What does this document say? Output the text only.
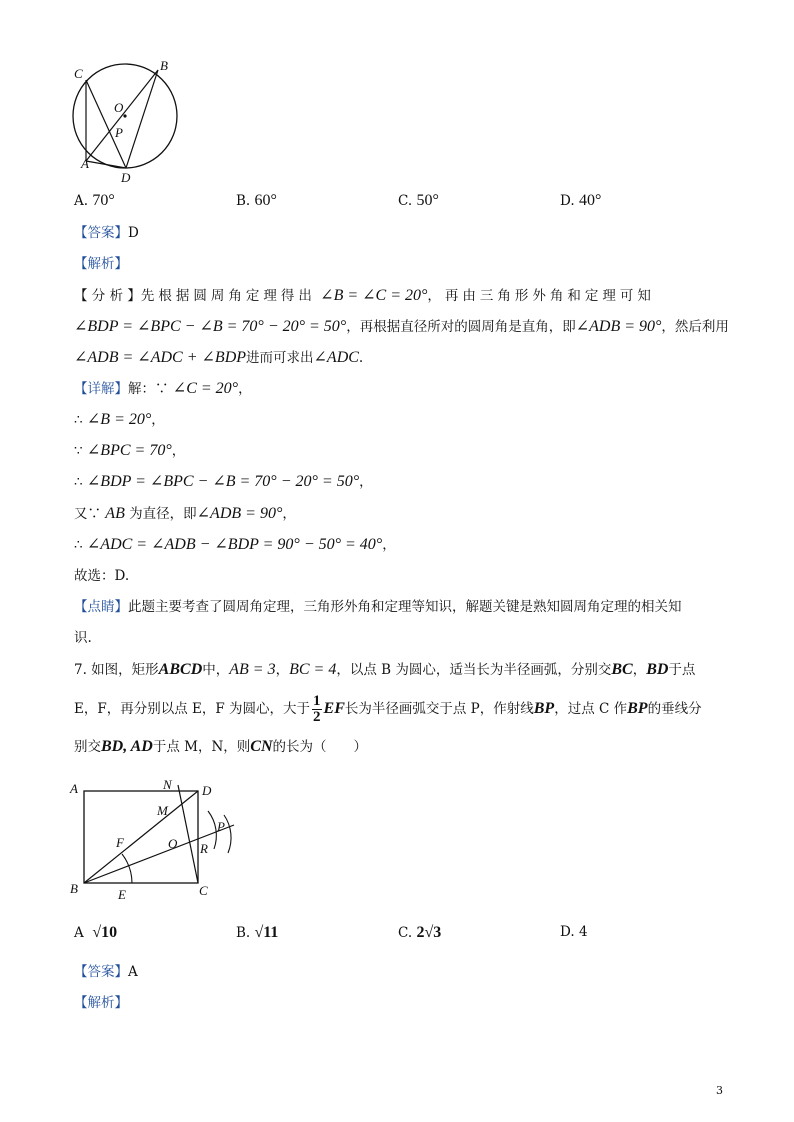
C
B
O
P
A
D
A. 70°	B. 60°	C. 50°	D. 40°
【答案】D
【解析】
【 分 析 】先根据圆周角定理得出 ∠B = ∠C = 20°，再由三角形外角和定理可知
∠BDP = ∠BPC − ∠B = 70° − 20° = 50°，再根据直径所对的圆周角是直角，即∠ADB = 90°，然后利用
∠ADB = ∠ADC + ∠BDP进而可求出∠ADC.
【详解】解：∵ ∠C = 20°，
∴ ∠B = 20°，
∵ ∠BPC = 70°，
∴ ∠BDP = ∠BPC − ∠B = 70° − 20° = 50°，
又∵ AB 为直径，即∠ADB = 90°，
∴ ∠ADC = ∠ADB − ∠BDP = 90° − 50° = 40°，
故选：D.
【点睛】此题主要考查了圆周角定理，三角形外角和定理等知识，解题关键是熟知圆周角定理的相关知
识.
7. 如图，矩形ABCD中，AB = 3，BC = 4，以点 B 为圆心，适当长为半径画弧，分别交BC，BD于点
E，F，再分别以点 E，F 为圆心，大于 $\frac{1}{2}$ EF长为半径画弧交于点 P，作射线BP，过点 C 作BP的垂线分
别交BD, AD于点 M，N，则CN的长为（　　）
A	N D
M
P
F	O R
B	E	C
A √10	B. √11	C. 2√3	D. 4
【答案】A
【解析】
3
